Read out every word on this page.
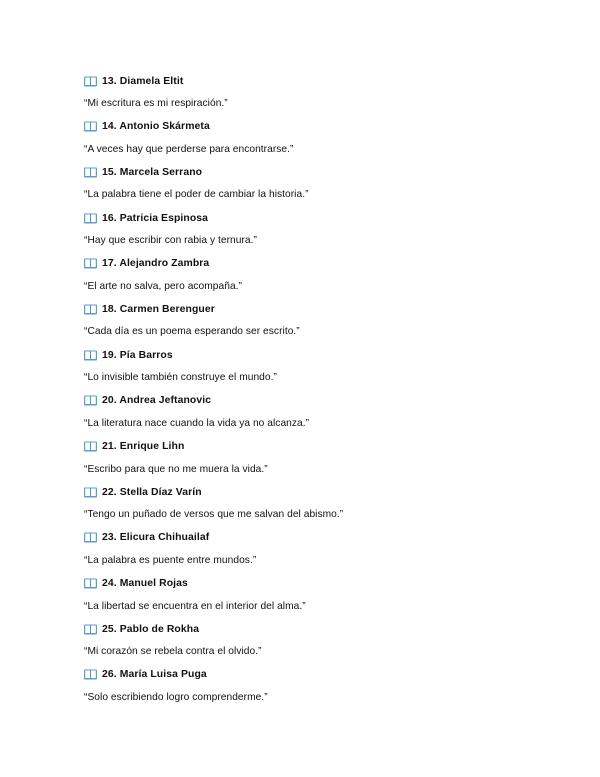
13. Diamela Eltit
“Mi escritura es mi respiración.”
14. Antonio Skármeta
“A veces hay que perderse para encontrarse.”
15. Marcela Serrano
“La palabra tiene el poder de cambiar la historia.”
16. Patricia Espinosa
“Hay que escribir con rabia y ternura.”
17. Alejandro Zambra
“El arte no salva, pero acompaña.”
18. Carmen Berenguer
“Cada día es un poema esperando ser escrito.”
19. Pía Barros
“Lo invisible también construye el mundo.”
20. Andrea Jeftanovic
“La literatura nace cuando la vida ya no alcanza.”
21. Enrique Lihn
“Escribo para que no me muera la vida.”
22. Stella Díaz Varín
“Tengo un puñado de versos que me salvan del abismo.”
23. Elicura Chihuailaf
“La palabra es puente entre mundos.”
24. Manuel Rojas
“La libertad se encuentra en el interior del alma.”
25. Pablo de Rokha
“Mi corazón se rebela contra el olvido.”
26. María Luisa Puga
“Solo escribiendo logro comprenderme.”
